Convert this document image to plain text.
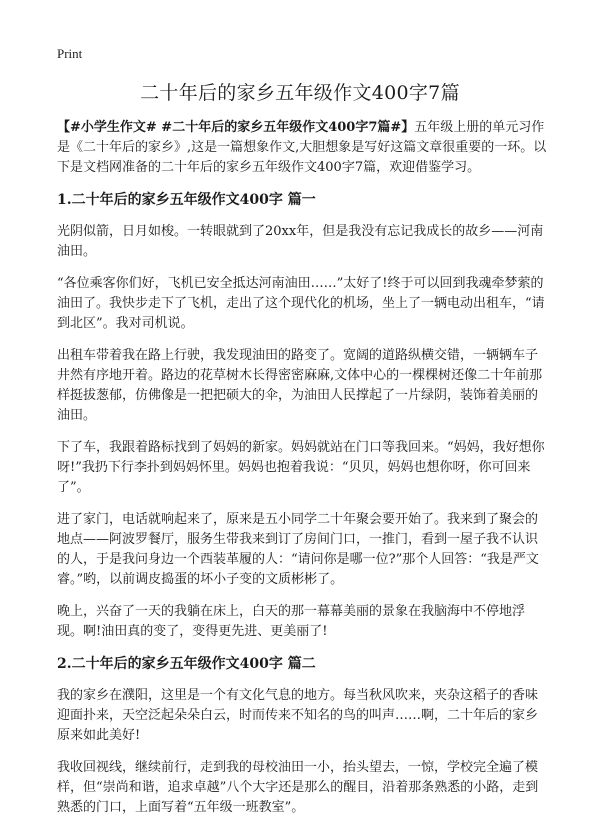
Print
二十年后的家乡五年级作文400字7篇

【#小学生作文# #二十年后的家乡五年级作文400字7篇#】五年级上册的单元习作是《二十年后的家乡》,这是一篇想象作文,大胆想象是写好这篇文章很重要的一环。以下是文档网准备的二十年后的家乡五年级作文400字7篇，欢迎借鉴学习。

1.二十年后的家乡五年级作文400字 篇一

光阴似箭，日月如梭。一转眼就到了20xx年，但是我没有忘记我成长的故乡——河南油田。

“各位乘客你们好，飞机已安全抵达河南油田……”太好了!终于可以回到我魂牵梦萦的油田了。我快步走下了飞机，走出了这个现代化的机场，坐上了一辆电动出租车，“请到北区”。我对司机说。

出租车带着我在路上行驶，我发现油田的路变了。宽阔的道路纵横交错，一辆辆车子井然有序地开着。路边的花草树木长得密密麻麻,文体中心的一棵棵树还像二十年前那样挺拔葱郁，仿佛像是一把把硕大的伞，为油田人民撑起了一片绿阴，装饰着美丽的油田。

下了车，我跟着路标找到了妈妈的新家。妈妈就站在门口等我回来。“妈妈，我好想你呀!”我扔下行李扑到妈妈怀里。妈妈也抱着我说：“贝贝，妈妈也想你呀，你可回来了”。

进了家门，电话就响起来了，原来是五小同学二十年聚会要开始了。我来到了聚会的地点——阿波罗餐厅，服务生带我来到订了房间门口，一推门，看到一屋子我不认识的人，于是我问身边一个西装革履的人：“请问你是哪一位?”那个人回答：“我是严文睿。”哟，以前调皮捣蛋的坏小子变的文质彬彬了。

晚上，兴奋了一天的我躺在床上，白天的那一幕幕美丽的景象在我脑海中不停地浮现。啊!油田真的变了，变得更先进、更美丽了!

2.二十年后的家乡五年级作文400字 篇二

我的家乡在濮阳，这里是一个有文化气息的地方。每当秋风吹来，夹杂这稻子的香味迎面扑来，天空泛起朵朵白云，时而传来不知名的鸟的叫声……啊，二十年后的家乡原来如此美好!

我收回视线，继续前行，走到我的母校油田一小，抬头望去，一惊，学校完全遍了模样，但“崇尚和谐，追求卓越”八个大字还是那么的醒目，沿着那条熟悉的小路，走到熟悉的门口，上面写着“五年级一班教室”。
